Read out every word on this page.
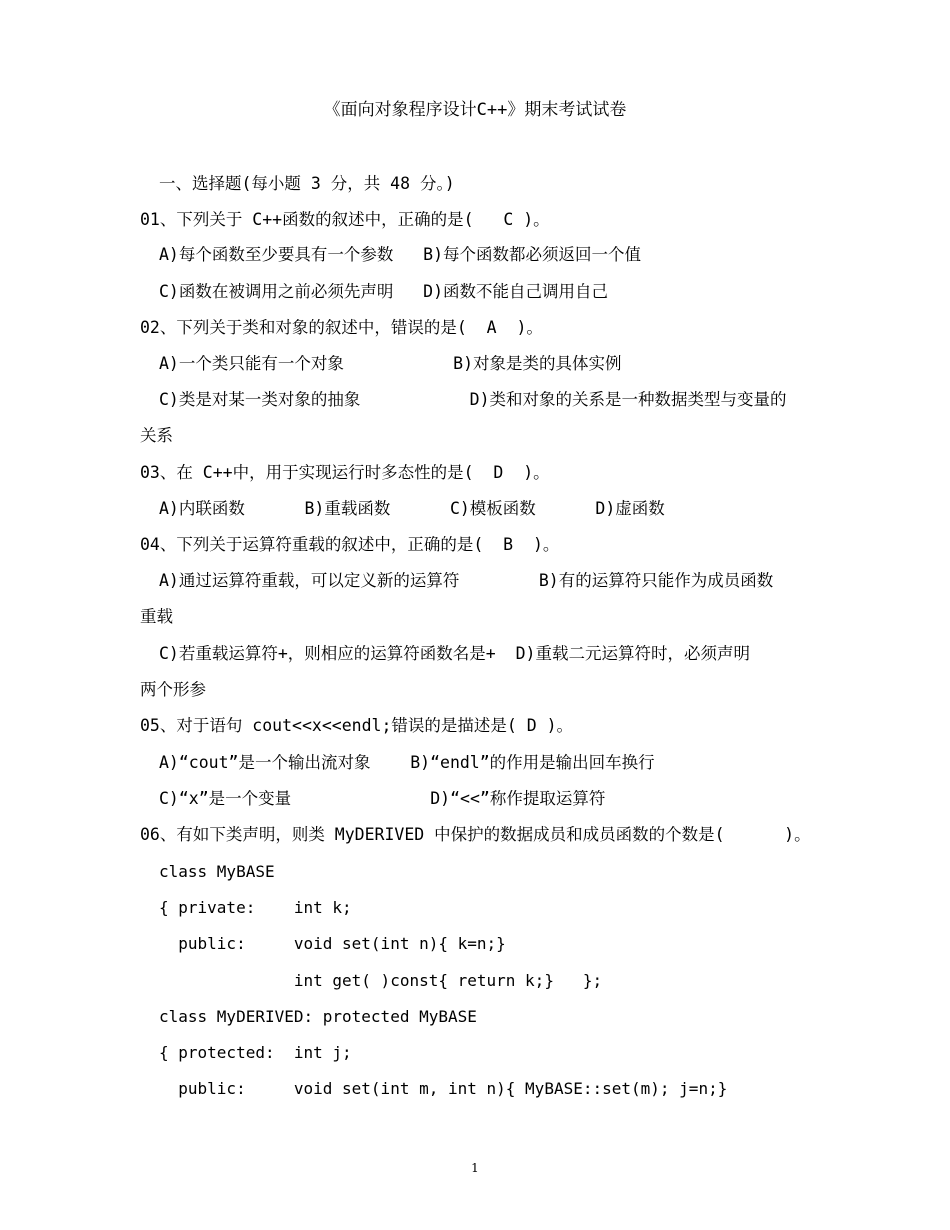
《面向对象程序设计C++》期末考试试卷
一、选择题(每小题 3 分，共 48 分。)
01、下列关于 C++函数的叙述中，正确的是(   C )。
A)每个函数至少要具有一个参数   B)每个函数都必须返回一个值
C)函数在被调用之前必须先声明   D)函数不能自己调用自己
02、下列关于类和对象的叙述中，错误的是(  A  )。
A)一个类只能有一个对象           B)对象是类的具体实例
C)类是对某一类对象的抽象           D)类和对象的关系是一种数据类型与变量的
关系
03、在 C++中，用于实现运行时多态性的是(  D  )。
A)内联函数      B)重载函数      C)模板函数      D)虚函数
04、下列关于运算符重载的叙述中，正确的是(  B  )。
A)通过运算符重载，可以定义新的运算符        B)有的运算符只能作为成员函数
重载
C)若重载运算符+，则相应的运算符函数名是+  D)重载二元运算符时，必须声明
两个形参
05、对于语句 cout<<x<<endl;错误的是描述是( D )。
A)“cout”是一个输出流对象    B)“endl”的作用是输出回车换行
C)“x”是一个变量              D)“<<”称作提取运算符
06、有如下类声明，则类 MyDERIVED 中保护的数据成员和成员函数的个数是(      )。
class MyBASE
{ private:    int k;
public:     void set(int n){ k=n;}
int get( )const{ return k;}   };
class MyDERIVED: protected MyBASE
{ protected:  int j;
public:     void set(int m, int n){ MyBASE::set(m); j=n;}
1
